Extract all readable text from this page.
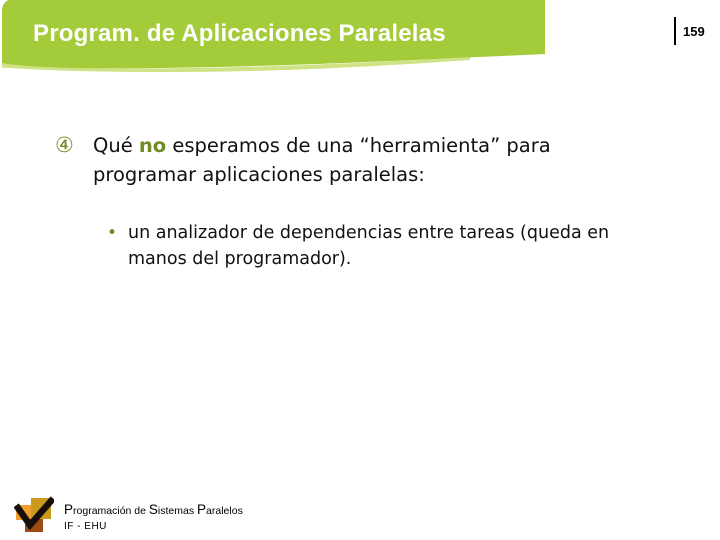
Program. de Aplicaciones Paralelas	159
④ Qué no esperamos de una “herramienta” para programar aplicaciones paralelas:
• un analizador de dependencias entre tareas (queda en manos del programador).
Programación de Sistemas Paralelos
IF - EHU
